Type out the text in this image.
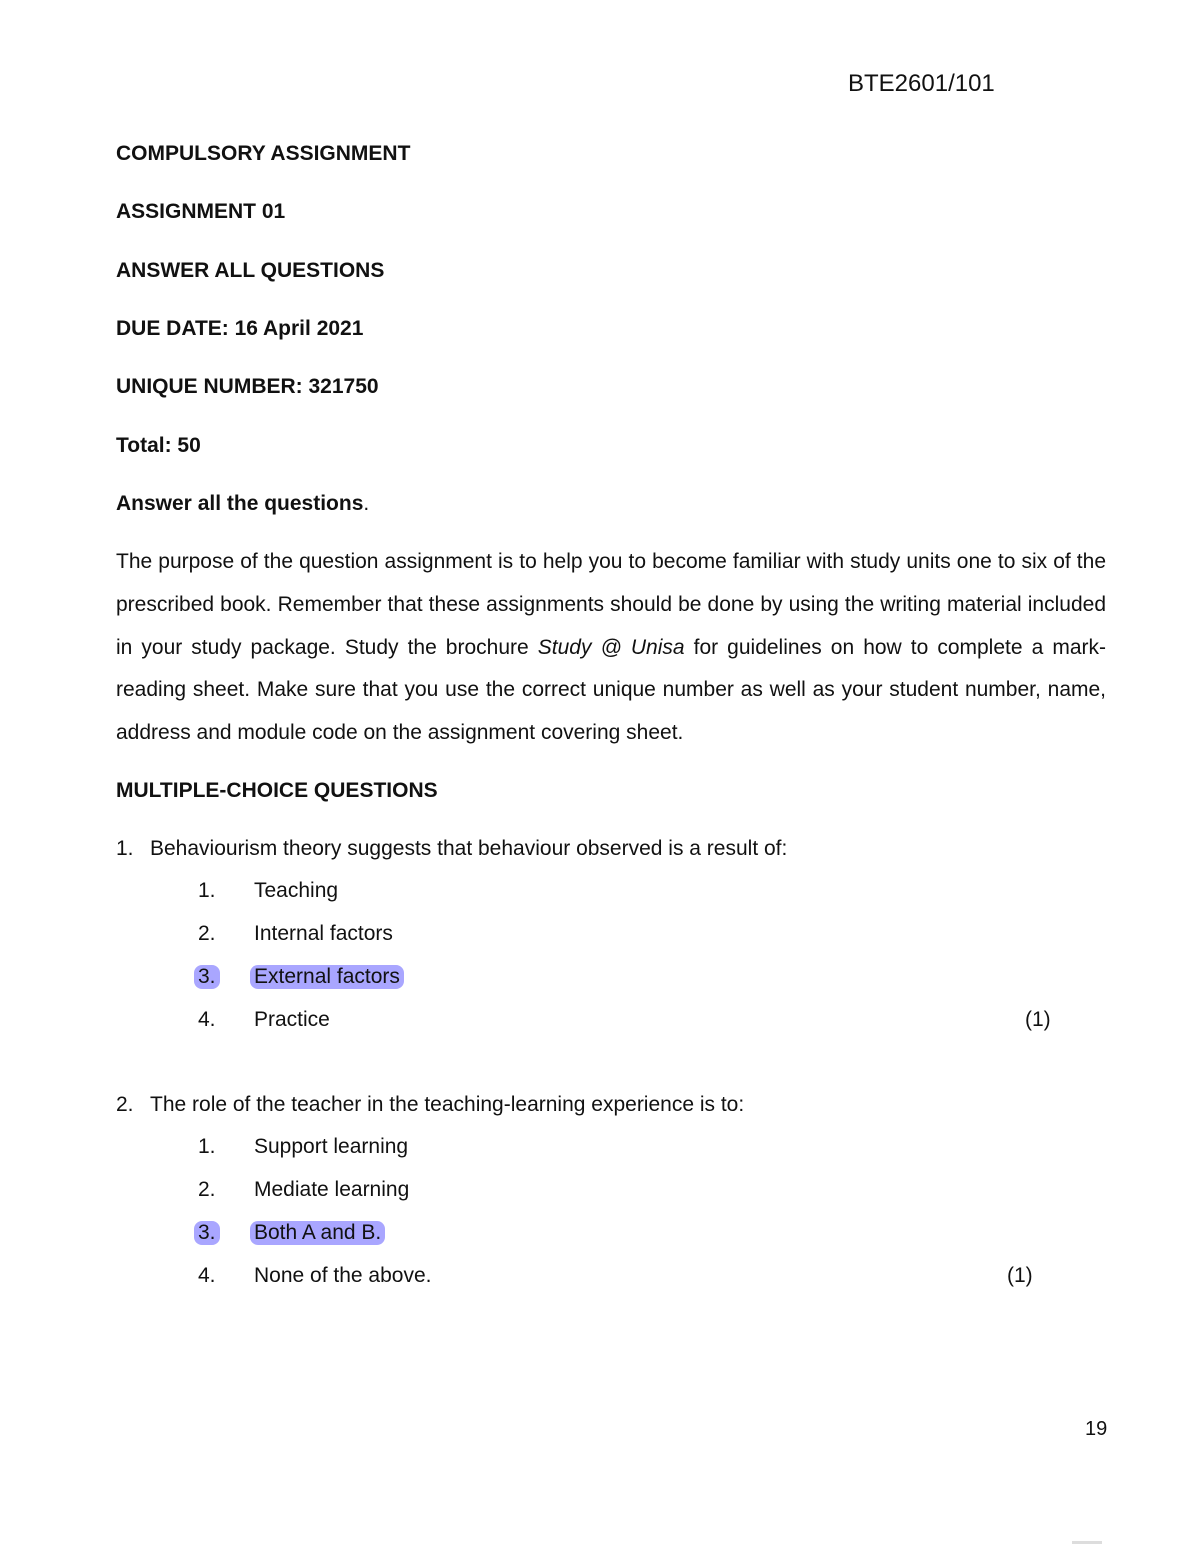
BTE2601/101
COMPULSORY ASSIGNMENT
ASSIGNMENT 01
ANSWER ALL QUESTIONS
DUE DATE: 16 April 2021
UNIQUE NUMBER: 321750
Total: 50
Answer all the questions.

The purpose of the question assignment is to help you to become familiar with study units one to six of the prescribed book. Remember that these assignments should be done by using the writing material included in your study package. Study the brochure Study @ Unisa for guidelines on how to complete a mark-reading sheet. Make sure that you use the correct unique number as well as your student number, name, address and module code on the assignment covering sheet.

MULTIPLE-CHOICE QUESTIONS
1. Behaviourism theory suggests that behaviour observed is a result of:
1. Teaching
2. Internal factors
3. External factors
4. Practice	(1)
2. The role of the teacher in the teaching-learning experience is to:
1. Support learning
2. Mediate learning
3. Both A and B.
4. None of the above.	(1)
19
